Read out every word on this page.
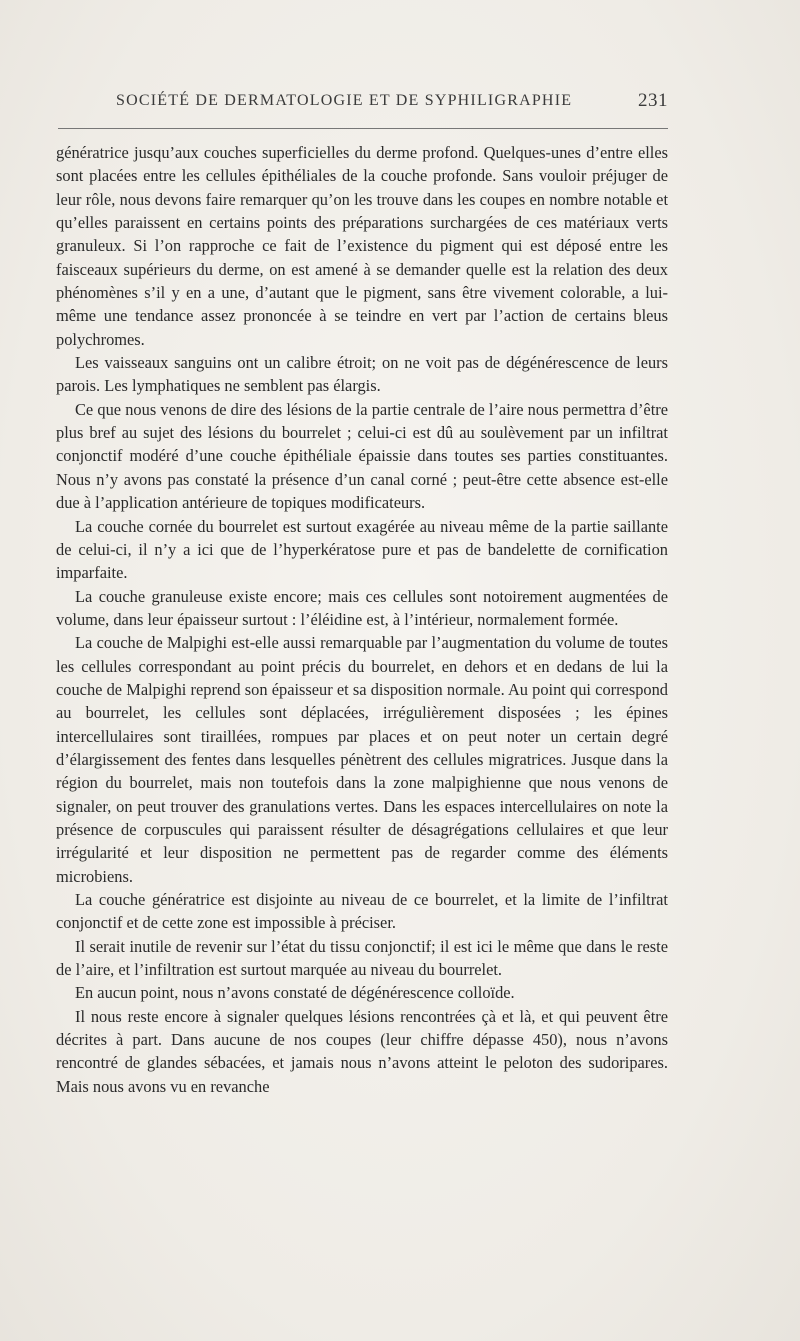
SOCIÉTÉ DE DERMATOLOGIE ET DE SYPHILIGRAPHIE	231

génératrice jusqu’aux couches superficielles du derme profond. Quelques-unes d’entre elles sont placées entre les cellules épithéliales de la couche profonde. Sans vouloir préjuger de leur rôle, nous devons faire remarquer qu’on les trouve dans les coupes en nombre notable et qu’elles paraissent en certains points des préparations surchargées de ces matériaux verts granuleux. Si l’on rapproche ce fait de l’existence du pigment qui est déposé entre les faisceaux supérieurs du derme, on est amené à se demander quelle est la relation des deux phénomènes s’il y en a une, d’autant que le pigment, sans être vivement colorable, a lui-même une tendance assez prononcée à se teindre en vert par l’action de certains bleus polychromes.

Les vaisseaux sanguins ont un calibre étroit; on ne voit pas de dégénérescence de leurs parois. Les lymphatiques ne semblent pas élargis.

Ce que nous venons de dire des lésions de la partie centrale de l’aire nous permettra d’être plus bref au sujet des lésions du bourrelet ; celui-ci est dû au soulèvement par un infiltrat conjonctif modéré d’une couche épithéliale épaissie dans toutes ses parties constituantes. Nous n’y avons pas constaté la présence d’un canal corné ; peut-être cette absence est-elle due à l’application antérieure de topiques modificateurs.

La couche cornée du bourrelet est surtout exagérée au niveau même de la partie saillante de celui-ci, il n’y a ici que de l’hyperkératose pure et pas de bandelette de cornification imparfaite.

La couche granuleuse existe encore; mais ces cellules sont notoirement augmentées de volume, dans leur épaisseur surtout : l’éléidine est, à l’intérieur, normalement formée.

La couche de Malpighi est-elle aussi remarquable par l’augmentation du volume de toutes les cellules correspondant au point précis du bourrelet, en dehors et en dedans de lui la couche de Malpighi reprend son épaisseur et sa disposition normale. Au point qui correspond au bourrelet, les cellules sont déplacées, irrégulièrement disposées ; les épines intercellulaires sont tiraillées, rompues par places et on peut noter un certain degré d’élargissement des fentes dans lesquelles pénètrent des cellules migratrices. Jusque dans la région du bourrelet, mais non toutefois dans la zone malpighienne que nous venons de signaler, on peut trouver des granulations vertes. Dans les espaces intercellulaires on note la présence de corpuscules qui paraissent résulter de désagrégations cellulaires et que leur irrégularité et leur disposition ne permettent pas de regarder comme des éléments microbiens.

La couche génératrice est disjointe au niveau de ce bourrelet, et la limite de l’infiltrat conjonctif et de cette zone est impossible à préciser.

Il serait inutile de revenir sur l’état du tissu conjonctif; il est ici le même que dans le reste de l’aire, et l’infiltration est surtout marquée au niveau du bourrelet.

En aucun point, nous n’avons constaté de dégénérescence colloïde.

Il nous reste encore à signaler quelques lésions rencontrées çà et là, et qui peuvent être décrites à part. Dans aucune de nos coupes (leur chiffre dépasse 450), nous n’avons rencontré de glandes sébacées, et jamais nous n’avons atteint le peloton des sudoripares. Mais nous avons vu en revanche
